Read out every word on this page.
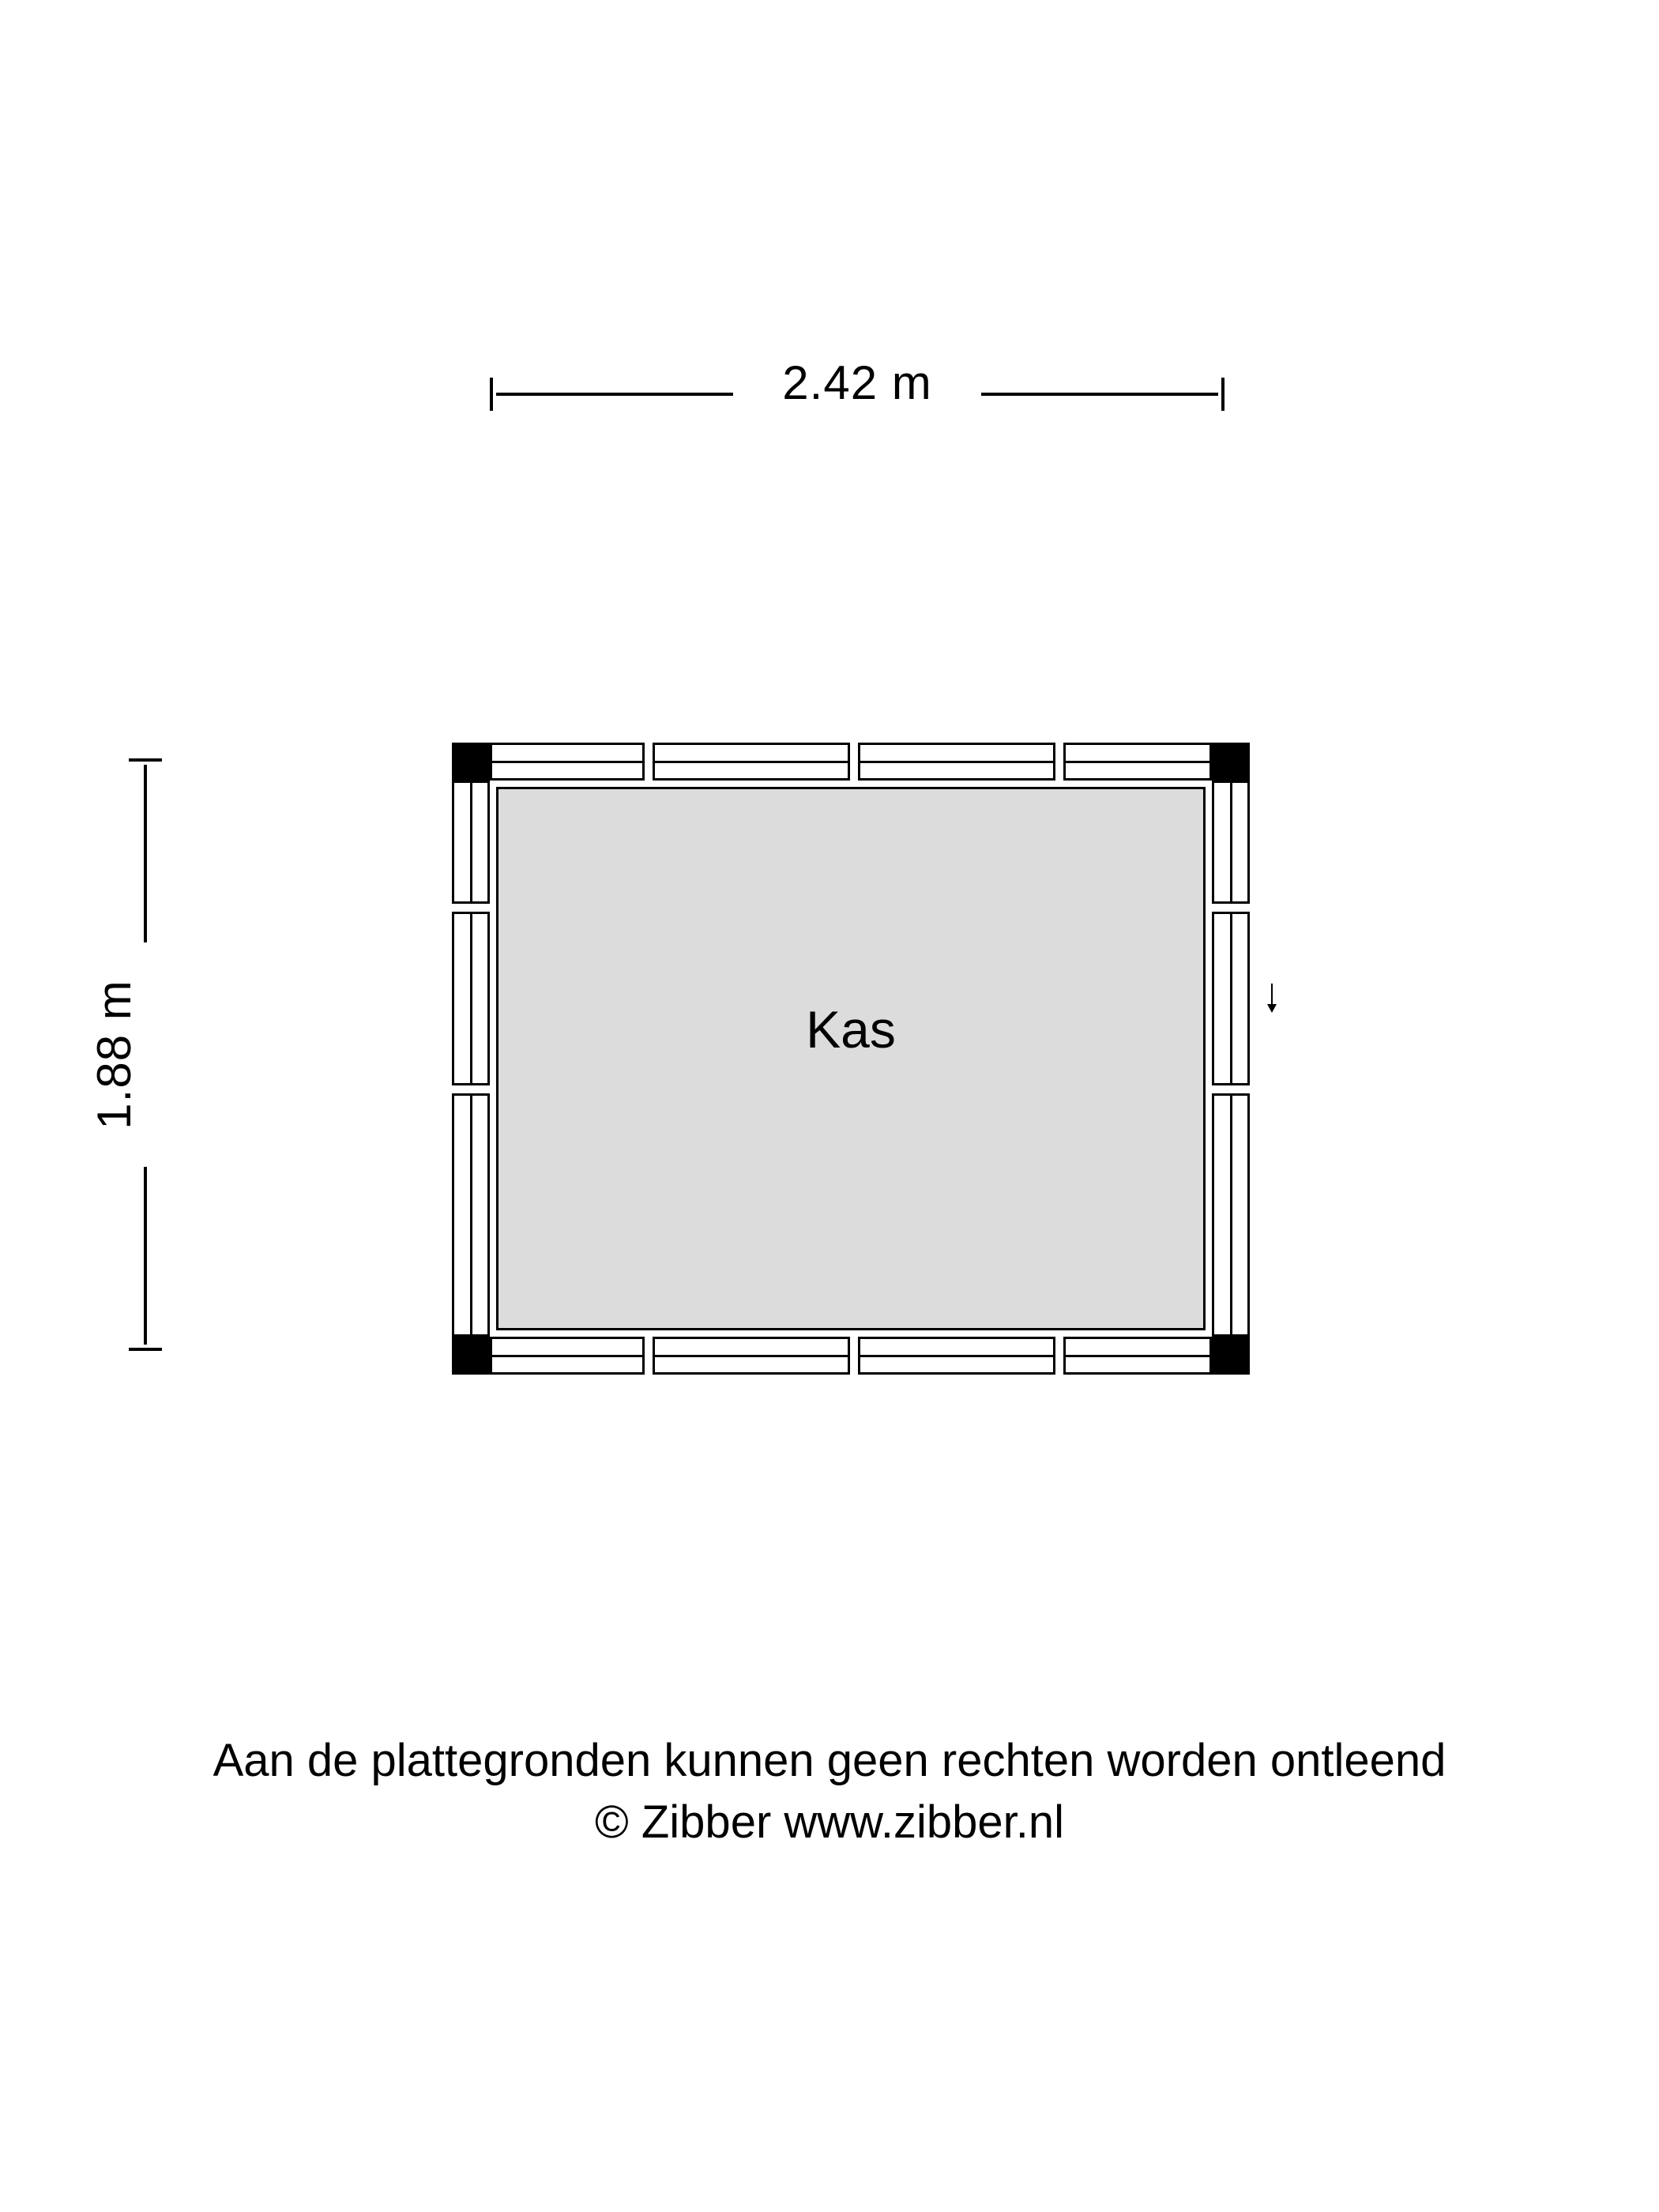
2.42 m
1.88 m	Kas
Aan de plattegronden kunnen geen rechten worden ontleend
© Zibber www.zibber.nl
